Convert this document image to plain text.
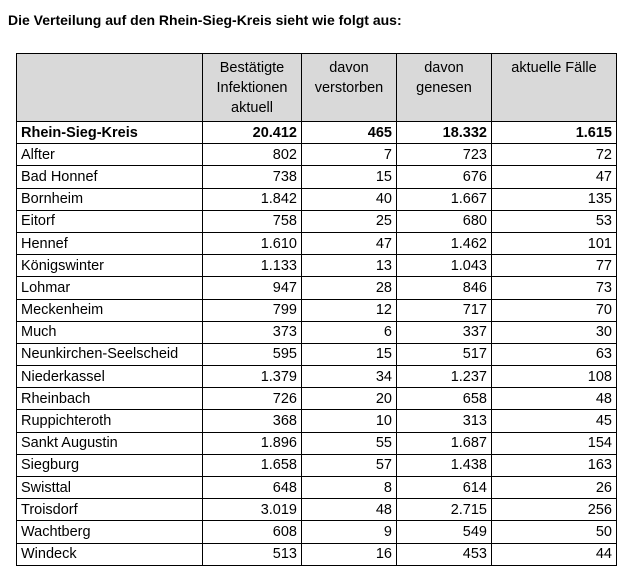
Die Verteilung auf den Rhein-Sieg-Kreis sieht wie folgt aus:
	Bestätigte Infektionen aktuell	davon verstorben	davon genesen	aktuelle Fälle
Rhein-Sieg-Kreis	20.412	465	18.332	1.615
Alfter	802	7	723	72
Bad Honnef	738	15	676	47
Bornheim	1.842	40	1.667	135
Eitorf	758	25	680	53
Hennef	1.610	47	1.462	101
Königswinter	1.133	13	1.043	77
Lohmar	947	28	846	73
Meckenheim	799	12	717	70
Much	373	6	337	30
Neunkirchen-Seelscheid	595	15	517	63
Niederkassel	1.379	34	1.237	108
Rheinbach	726	20	658	48
Ruppichteroth	368	10	313	45
Sankt Augustin	1.896	55	1.687	154
Siegburg	1.658	57	1.438	163
Swisttal	648	8	614	26
Troisdorf	3.019	48	2.715	256
Wachtberg	608	9	549	50
Windeck	513	16	453	44
